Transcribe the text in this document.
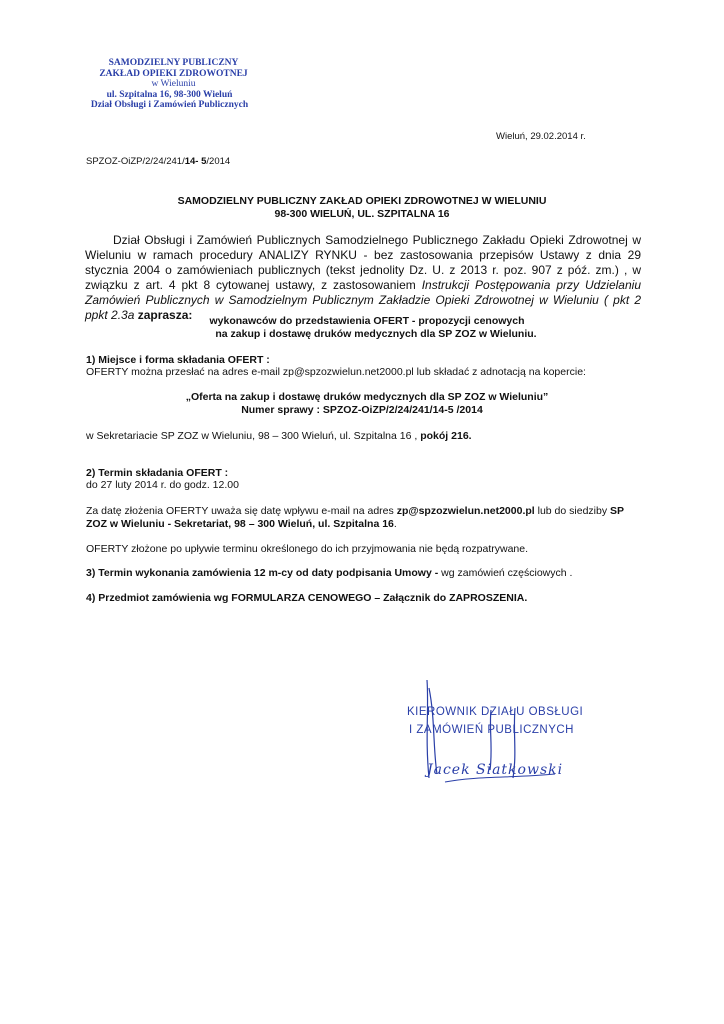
SAMODZIELNY PUBLICZNY
ZAKŁAD OPIEKI ZDROWOTNEJ
w Wieluniu
ul. Szpitalna 16, 98-300 Wieluń
Dział Obsługi i Zamówień Publicznych
Wieluń, 29.02.2014 r.
SPZOZ-OiZP/2/24/241/14- 5/2014
SAMODZIELNY PUBLICZNY ZAKŁAD OPIEKI ZDROWOTNEJ W WIELUNIU
98-300 WIELUŃ, UL. SZPITALNA 16
Dział Obsługi i Zamówień Publicznych Samodzielnego Publicznego Zakładu Opieki Zdrowotnej w Wieluniu w ramach procedury ANALIZY RYNKU - bez zastosowania przepisów Ustawy z dnia 29 stycznia 2004 o zamówieniach publicznych (tekst jednolity Dz. U. z 2013 r. poz. 907 z póź. zm.) , w związku z art. 4 pkt 8 cytowanej ustawy, z zastosowaniem Instrukcji Postępowania przy Udzielaniu Zamówień Publicznych w Samodzielnym Publicznym Zakładzie Opieki Zdrowotnej w Wieluniu ( pkt 2 ppkt 2.3a zaprasza:	wykonawców do przedstawienia OFERT - propozycji cenowych
na zakup i dostawę druków medycznych dla SP ZOZ w Wieluniu.
1) Miejsce i forma składania OFERT :
OFERTY można przesłać na adres e-mail zp@spzozwielun.net2000.pl lub składać z adnotacją na kopercie:
„Oferta na zakup i dostawę druków medycznych dla SP ZOZ w Wieluniu”
Numer sprawy : SPZOZ-OiZP/2/24/241/14-5 /2014
w Sekretariacie SP ZOZ w Wieluniu, 98 – 300 Wieluń, ul. Szpitalna 16 , pokój 216.
2) Termin składania OFERT :
do 27 luty 2014 r. do godz. 12.00
Za datę złożenia OFERTY uważa się datę wpływu e-mail na adres zp@spzozwielun.net2000.pl lub do siedziby SP ZOZ w Wieluniu - Sekretariat, 98 – 300 Wieluń, ul. Szpitalna 16.
OFERTY złożone po upływie terminu określonego do ich przyjmowania nie będą rozpatrywane.
3) Termin wykonania zamówienia 12 m-cy od daty podpisania Umowy - wg zamówień częściowych .
4) Przedmiot zamówienia wg FORMULARZA CENOWEGO – Załącznik do ZAPROSZENIA.
KIEROWNIK DZIAŁU OBSŁUGI
I ZAMÓWIEŃ PUBLICZNYCH
Jacek Siatkowski
